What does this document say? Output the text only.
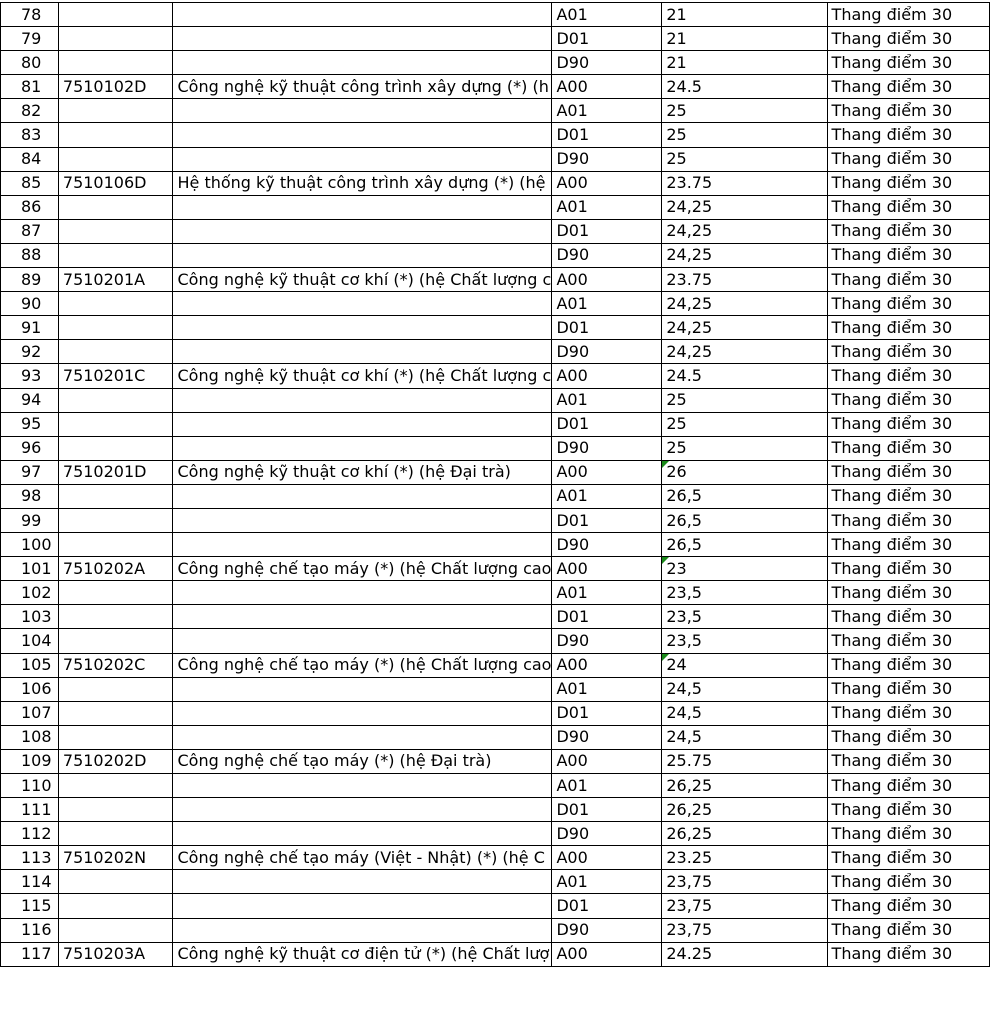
78			A01	21	Thang điểm 30
79			D01	21	Thang điểm 30
80			D90	21	Thang điểm 30
81	7510102D	Công nghệ kỹ thuật công trình xây dựng (*) (h	A00	24.5	Thang điểm 30
82			A01	25	Thang điểm 30
83			D01	25	Thang điểm 30
84			D90	25	Thang điểm 30
85	7510106D	Hệ thống kỹ thuật công trình xây dựng (*) (hệ	A00	23.75	Thang điểm 30
86			A01	24,25	Thang điểm 30
87			D01	24,25	Thang điểm 30
88			D90	24,25	Thang điểm 30
89	7510201A	Công nghệ kỹ thuật cơ khí (*) (hệ Chất lượng c	A00	23.75	Thang điểm 30
90			A01	24,25	Thang điểm 30
91			D01	24,25	Thang điểm 30
92			D90	24,25	Thang điểm 30
93	7510201C	Công nghệ kỹ thuật cơ khí (*) (hệ Chất lượng c	A00	24.5	Thang điểm 30
94			A01	25	Thang điểm 30
95			D01	25	Thang điểm 30
96			D90	25	Thang điểm 30
97	7510201D	Công nghệ kỹ thuật cơ khí (*) (hệ Đại trà)	A00	26	Thang điểm 30
98			A01	26,5	Thang điểm 30
99			D01	26,5	Thang điểm 30
100			D90	26,5	Thang điểm 30
101	7510202A	Công nghệ chế tạo máy (*) (hệ Chất lượng cao	A00	23	Thang điểm 30
102			A01	23,5	Thang điểm 30
103			D01	23,5	Thang điểm 30
104			D90	23,5	Thang điểm 30
105	7510202C	Công nghệ chế tạo máy (*) (hệ Chất lượng cao	A00	24	Thang điểm 30
106			A01	24,5	Thang điểm 30
107			D01	24,5	Thang điểm 30
108			D90	24,5	Thang điểm 30
109	7510202D	Công nghệ chế tạo máy (*) (hệ Đại trà)	A00	25.75	Thang điểm 30
110			A01	26,25	Thang điểm 30
111			D01	26,25	Thang điểm 30
112			D90	26,25	Thang điểm 30
113	7510202N	Công nghệ chế tạo máy (Việt - Nhật) (*) (hệ C	A00	23.25	Thang điểm 30
114			A01	23,75	Thang điểm 30
115			D01	23,75	Thang điểm 30
116			D90	23,75	Thang điểm 30
117	7510203A	Công nghệ kỹ thuật cơ điện tử (*) (hệ Chất lượ	A00	24.25	Thang điểm 30
